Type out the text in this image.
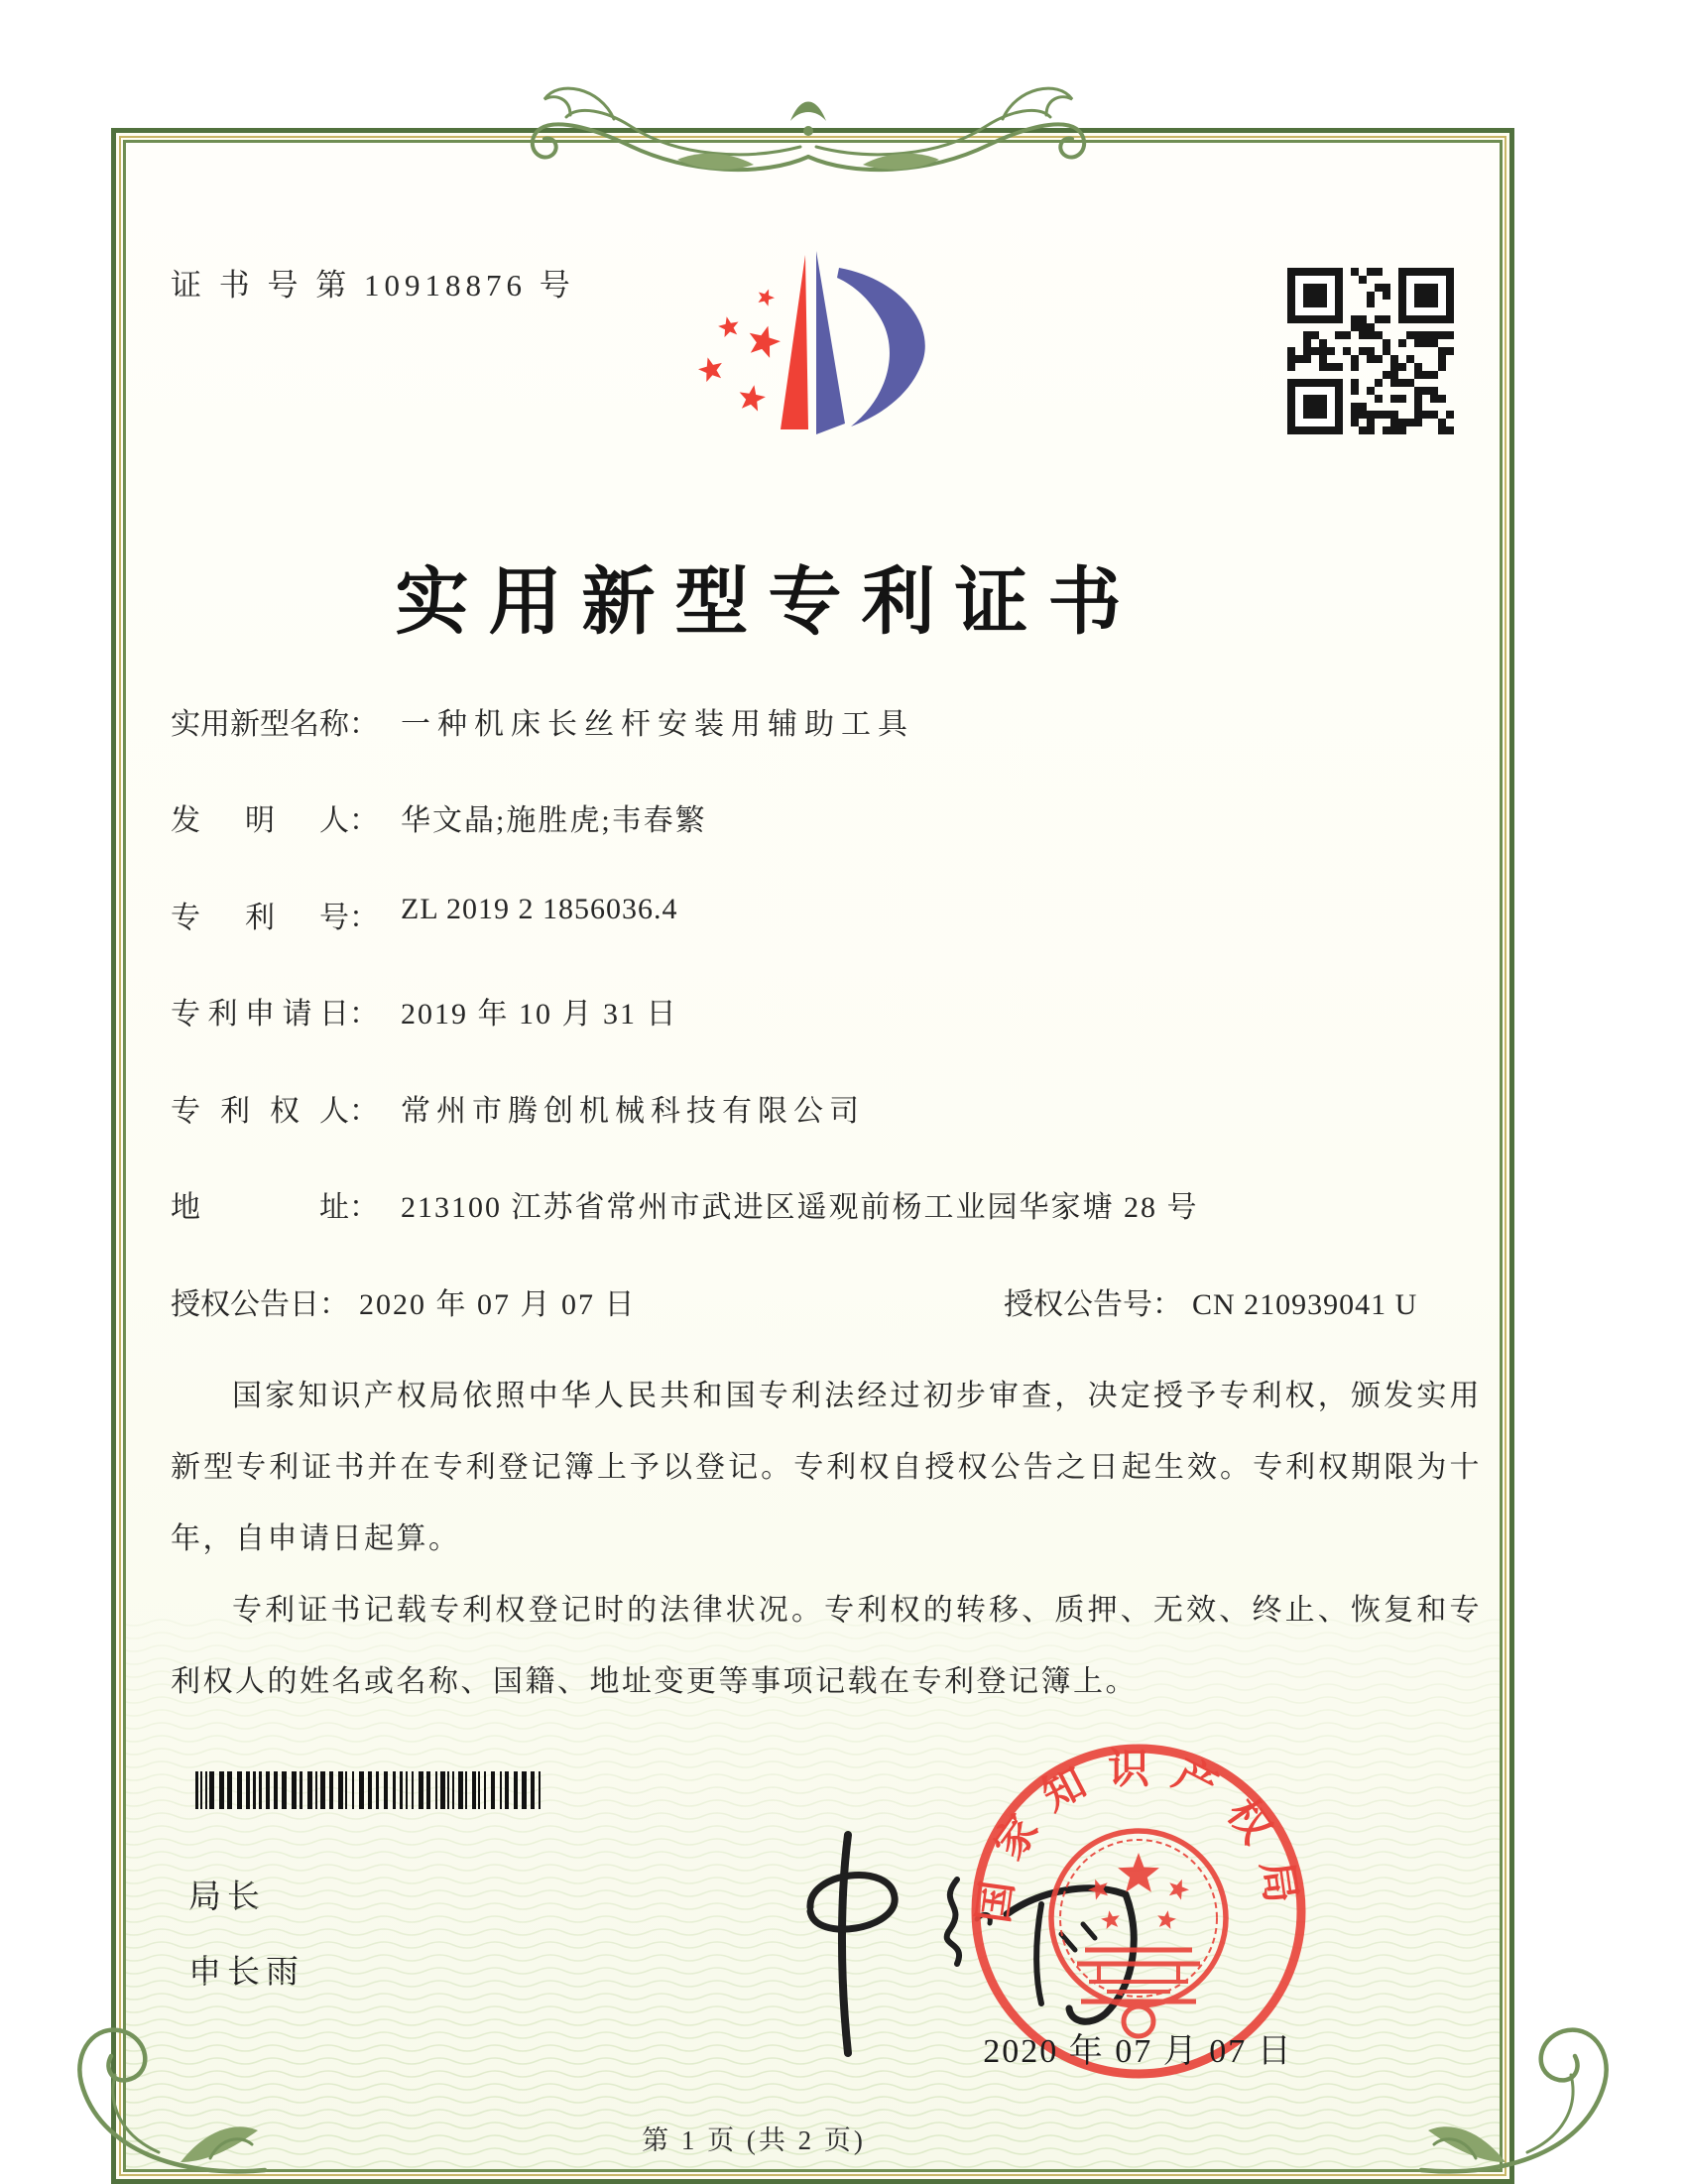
证 书 号 第 10918876 号
实用新型专利证书
实用新型名称： 一种机床长丝杆安装用辅助工具
发明人： 华文晶;施胜虎;韦春繁
专利号： ZL 2019 2 1856036.4
专利申请日： 2019 年 10 月 31 日
专利权人： 常州市腾创机械科技有限公司
地址： 213100 江苏省常州市武进区遥观前杨工业园华家塘 28 号
授权公告日： 2020 年 07 月 07 日	授权公告号： CN 210939041 U

国家知识产权局依照中华人民共和国专利法经过初步审查，决定授予专利权，颁发实用新型专利证书并在专利登记簿上予以登记。专利权自授权公告之日起生效。专利权期限为十年，自申请日起算。

专利证书记载专利权登记时的法律状况。专利权的转移、质押、无效、终止、恢复和专利权人的姓名或名称、国籍、地址变更等事项记载在专利登记簿上。

局长
申长雨
国家知识产权局
2020 年 07 月 07 日
第 1 页 (共 2 页)
